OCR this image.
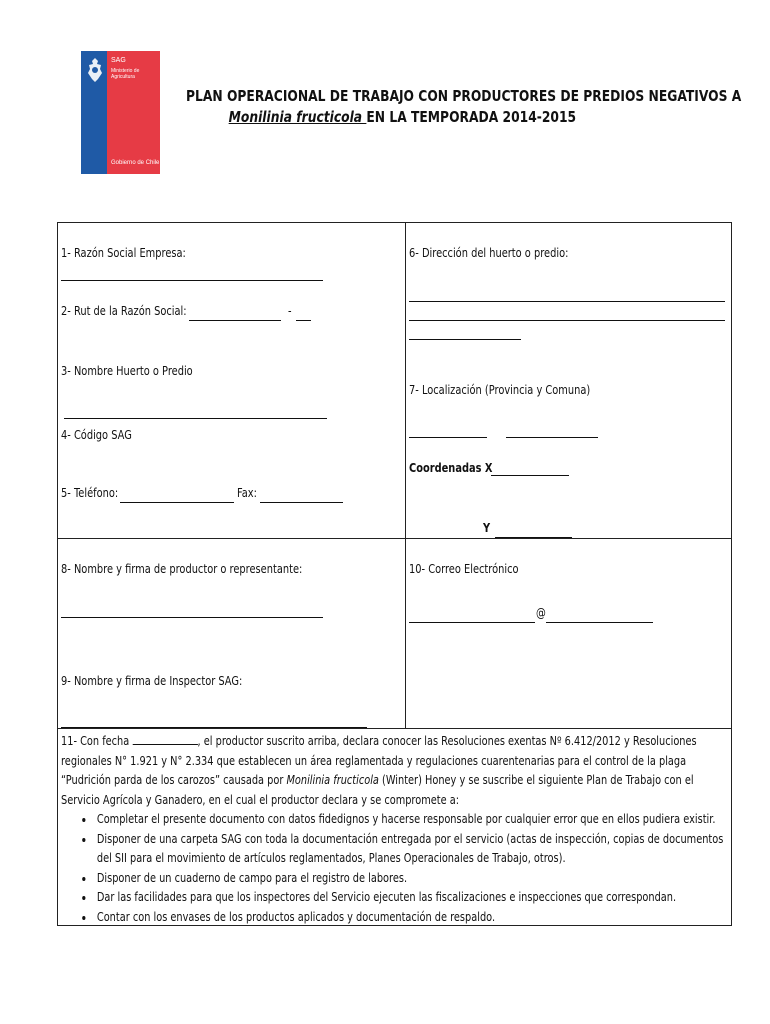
SAG
Ministerio de Agricultura
Gobierno de Chile
PLAN OPERACIONAL DE TRABAJO CON PRODUCTORES DE PREDIOS NEGATIVOS A
Monilinia fructicola EN LA TEMPORADA 2014-2015
1- Razón Social Empresa:
2- Rut de la Razón Social:	-
3- Nombre Huerto o Predio
4- Código SAG
5- Teléfono:	Fax:
6- Dirección del huerto o predio:
7- Localización (Provincia y Comuna)
Coordenadas X
Y
8- Nombre y firma de productor o representante:
9- Nombre y firma de Inspector SAG:
10- Correo Electrónico
@
11- Con fecha	, el productor suscrito arriba, declara conocer las Resoluciones exentas Nº 6.412/2012 y Resoluciones regionales N° 1.921 y N° 2.334 que establecen un área reglamentada y regulaciones cuarentenarias para el control de la plaga “Pudrición parda de los carozos” causada por Monilinia fructicola (Winter) Honey y se suscribe el siguiente Plan de Trabajo con el Servicio Agrícola y Ganadero, en el cual el productor declara y se compromete a:
• Completar el presente documento con datos fidedignos y hacerse responsable por cualquier error que en ellos pudiera existir.
• Disponer de una carpeta SAG con toda la documentación entregada por el servicio (actas de inspección, copias de documentos del SII para el movimiento de artículos reglamentados, Planes Operacionales de Trabajo, otros).
• Disponer de un cuaderno de campo para el registro de labores.
• Dar las facilidades para que los inspectores del Servicio ejecuten las fiscalizaciones e inspecciones que correspondan.
• Contar con los envases de los productos aplicados y documentación de respaldo.
